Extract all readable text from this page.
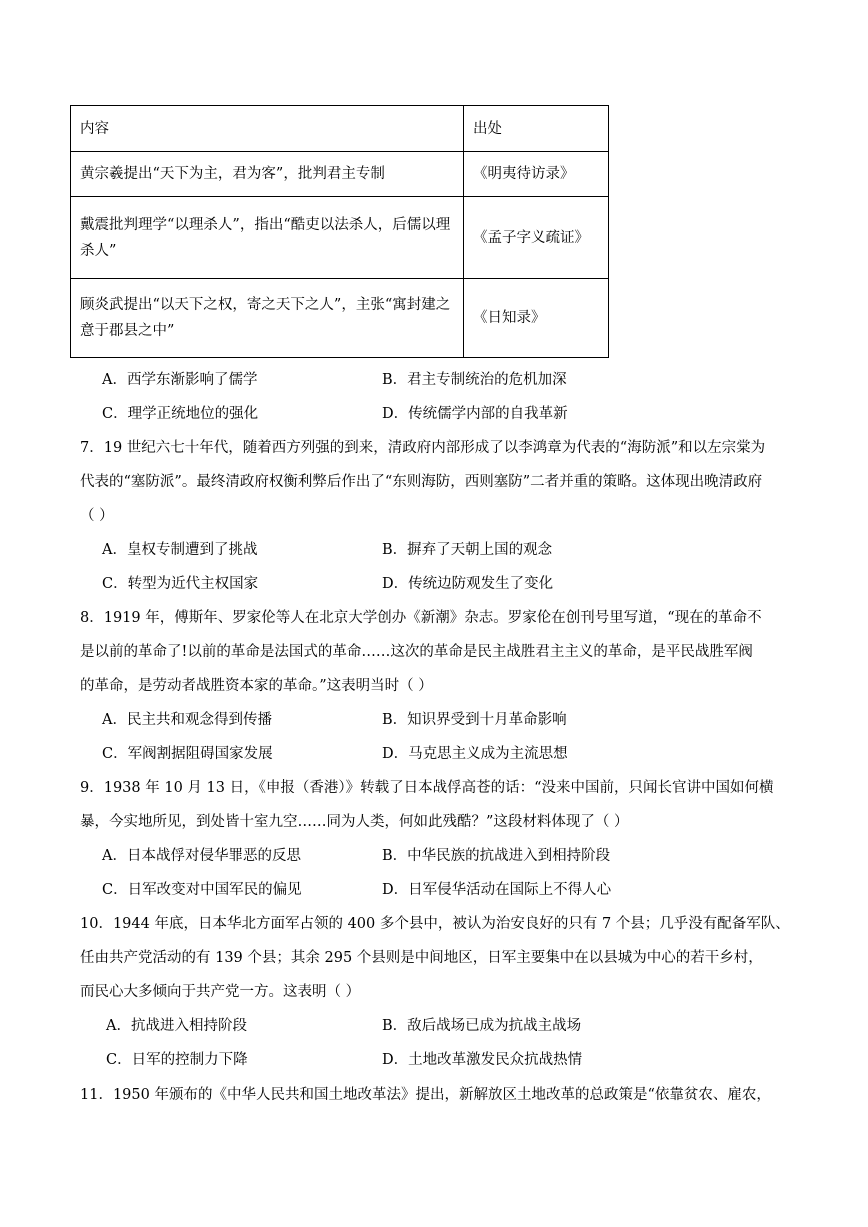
内容	出处
黄宗羲提出“天下为主，君为客”，批判君主专制	《明夷待访录》
戴震批判理学“以理杀人”，指出“酷吏以法杀人，后儒以理杀人”	《孟子字义疏证》
顾炎武提出“以天下之权，寄之天下之人”，主张“寓封建之意于郡县之中”	《日知录》
A．西学东渐影响了儒学	B．君主专制统治的危机加深
C．理学正统地位的强化	D．传统儒学内部的自我革新
7．19 世纪六七十年代，随着西方列强的到来，清政府内部形成了以李鸿章为代表的“海防派”和以左宗棠为
代表的“塞防派”。最终清政府权衡利弊后作出了“东则海防，西则塞防”二者并重的策略。这体现出晚清政府
（ ）
A．皇权专制遭到了挑战	B．摒弃了天朝上国的观念
C．转型为近代主权国家	D．传统边防观发生了变化
8．1919 年，傅斯年、罗家伦等人在北京大学创办《新潮》杂志。罗家伦在创刊号里写道，“现在的革命不
是以前的革命了!以前的革命是法国式的革命……这次的革命是民主战胜君主主义的革命，是平民战胜军阀
的革命，是劳动者战胜资本家的革命。”这表明当时（ ）
A．民主共和观念得到传播	B．知识界受到十月革命影响
C．军阀割据阻碍国家发展	D．马克思主义成为主流思想
9．1938 年 10 月 13 日，《申报（香港）》转载了日本战俘高苍的话：“没来中国前，只闻长官讲中国如何横
暴，今实地所见，到处皆十室九空……同为人类，何如此残酷？”这段材料体现了（ ）
A．日本战俘对侵华罪恶的反思	B．中华民族的抗战进入到相持阶段
C．日军改变对中国军民的偏见	D．日军侵华活动在国际上不得人心
10．1944 年底，日本华北方面军占领的 400 多个县中，被认为治安良好的只有 7 个县；几乎没有配备军队、
任由共产党活动的有 139 个县；其余 295 个县则是中间地区，日军主要集中在以县城为中心的若干乡村，
而民心大多倾向于共产党一方。这表明（ ）
A．抗战进入相持阶段	B．敌后战场已成为抗战主战场
C．日军的控制力下降	D．土地改革激发民众抗战热情
11．1950 年颁布的《中华人民共和国土地改革法》提出，新解放区土地改革的总政策是“依靠贫农、雇农，
